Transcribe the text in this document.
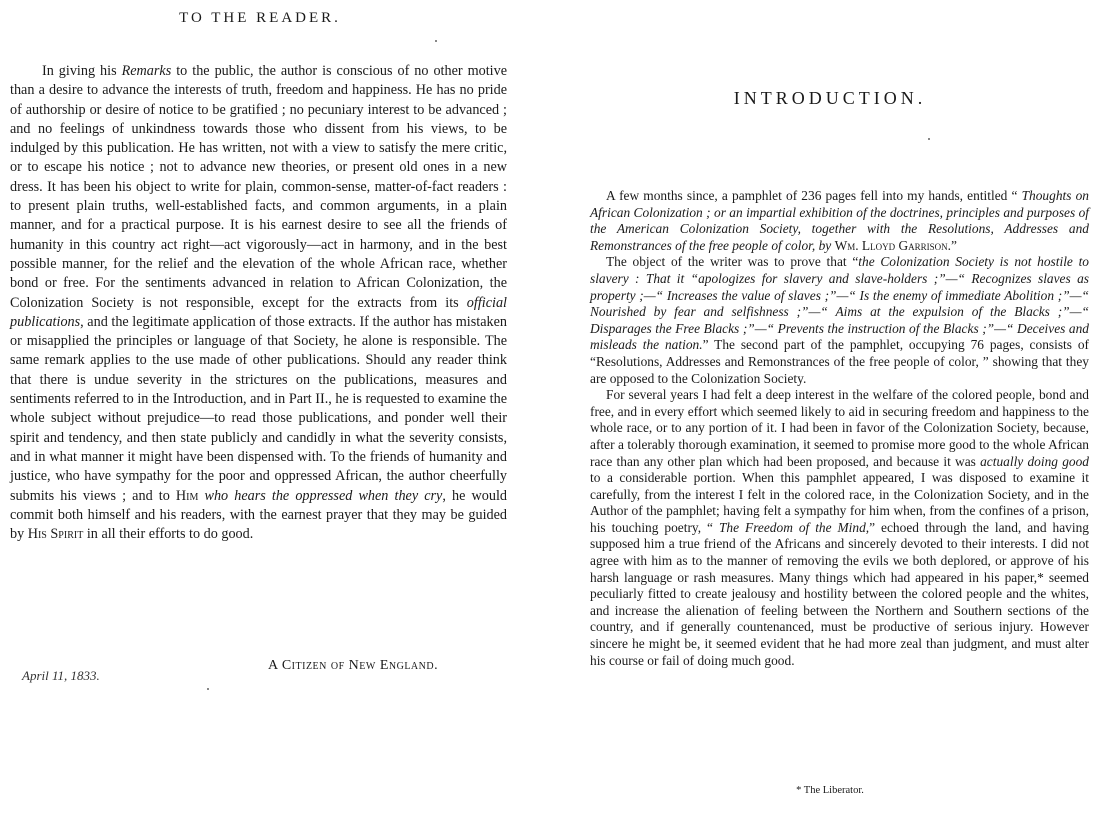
TO THE READER.

In giving his Remarks to the public, the author is conscious of no other motive than a desire to advance the interests of truth, freedom and happiness. He has no pride of authorship or desire of notice to be gratified ; no pecuniary interest to be advanced ; and no feelings of unkindness towards those who dissent from his views, to be indulged by this publication. He has written, not with a view to satisfy the mere critic, or to escape his notice ; not to advance new theories, or present old ones in a new dress. It has been his object to write for plain, common-sense, matter-of-fact readers : to present plain truths, well-established facts, and common arguments, in a plain manner, and for a practical purpose. It is his earnest desire to see all the friends of humanity in this country act right—act vigorously—act in harmony, and in the best possible manner, for the relief and the elevation of the whole African race, whether bond or free. For the sentiments advanced in relation to African Colonization, the Colonization Society is not responsible, except for the extracts from its official publications, and the legitimate application of those extracts. If the author has mistaken or misapplied the principles or language of that Society, he alone is responsible. The same remark applies to the use made of other publications. Should any reader think that there is undue severity in the strictures on the publications, measures and sentiments referred to in the Introduction, and in Part II., he is requested to examine the whole subject without prejudice—to read those publications, and ponder well their spirit and tendency, and then state publicly and candidly in what the severity consists, and in what manner it might have been dispensed with. To the friends of humanity and justice, who have sympathy for the poor and oppressed African, the author cheerfully submits his views ; and to Him who hears the oppressed when they cry, he would commit both himself and his readers, with the earnest prayer that they may be guided by His Spirit in all their efforts to do good.

A Citizen of New England.
April 11, 1833.
INTRODUCTION.

A few months since, a pamphlet of 236 pages fell into my hands, entitled “ Thoughts on African Colonization ; or an impartial exhibition of the doctrines, principles and purposes of the American Colonization Society, together with the Resolutions, Addresses and Remonstrances of the free people of color, by Wm. Lloyd Garrison.”

The object of the writer was to prove that “the Colonization Society is not hostile to slavery : That it “apologizes for slavery and slave-holders ;”—“ Recognizes slaves as property ;—“ Increases the value of slaves ;”—“ Is the enemy of immediate Abolition ;”—“ Nourished by fear and selfishness ;”—“ Aims at the expulsion of the Blacks ;”—“ Disparages the Free Blacks ;”—“ Prevents the instruction of the Blacks ;”—“ Deceives and misleads the nation.” The second part of the pamphlet, occupying 76 pages, consists of “Resolutions, Addresses and Remonstrances of the free people of color, ” showing that they are opposed to the Colonization Society.

For several years I had felt a deep interest in the welfare of the colored people, bond and free, and in every effort which seemed likely to aid in securing freedom and happiness to the whole race, or to any portion of it. I had been in favor of the Colonization Society, because, after a tolerably thorough examination, it seemed to promise more good to the whole African race than any other plan which had been proposed, and because it was actually doing good to a considerable portion. When this pamphlet appeared, I was disposed to examine it carefully, from the interest I felt in the colored race, in the Colonization Society, and in the Author of the pamphlet; having felt a sympathy for him when, from the confines of a prison, his touching poetry, “ The Freedom of the Mind,” echoed through the land, and having supposed him a true friend of the Africans and sincerely devoted to their interests. I did not agree with him as to the manner of removing the evils we both deplored, or approve of his harsh language or rash measures. Many things which had appeared in his paper,* seemed peculiarly fitted to create jealousy and hostility between the colored people and the whites, and increase the alienation of feeling between the Northern and Southern sections of the country, and if generally countenanced, must be productive of serious injury. However sincere he might be, it seemed evident that he had more zeal than judgment, and must alter his course or fail of doing much good.

* The Liberator.
